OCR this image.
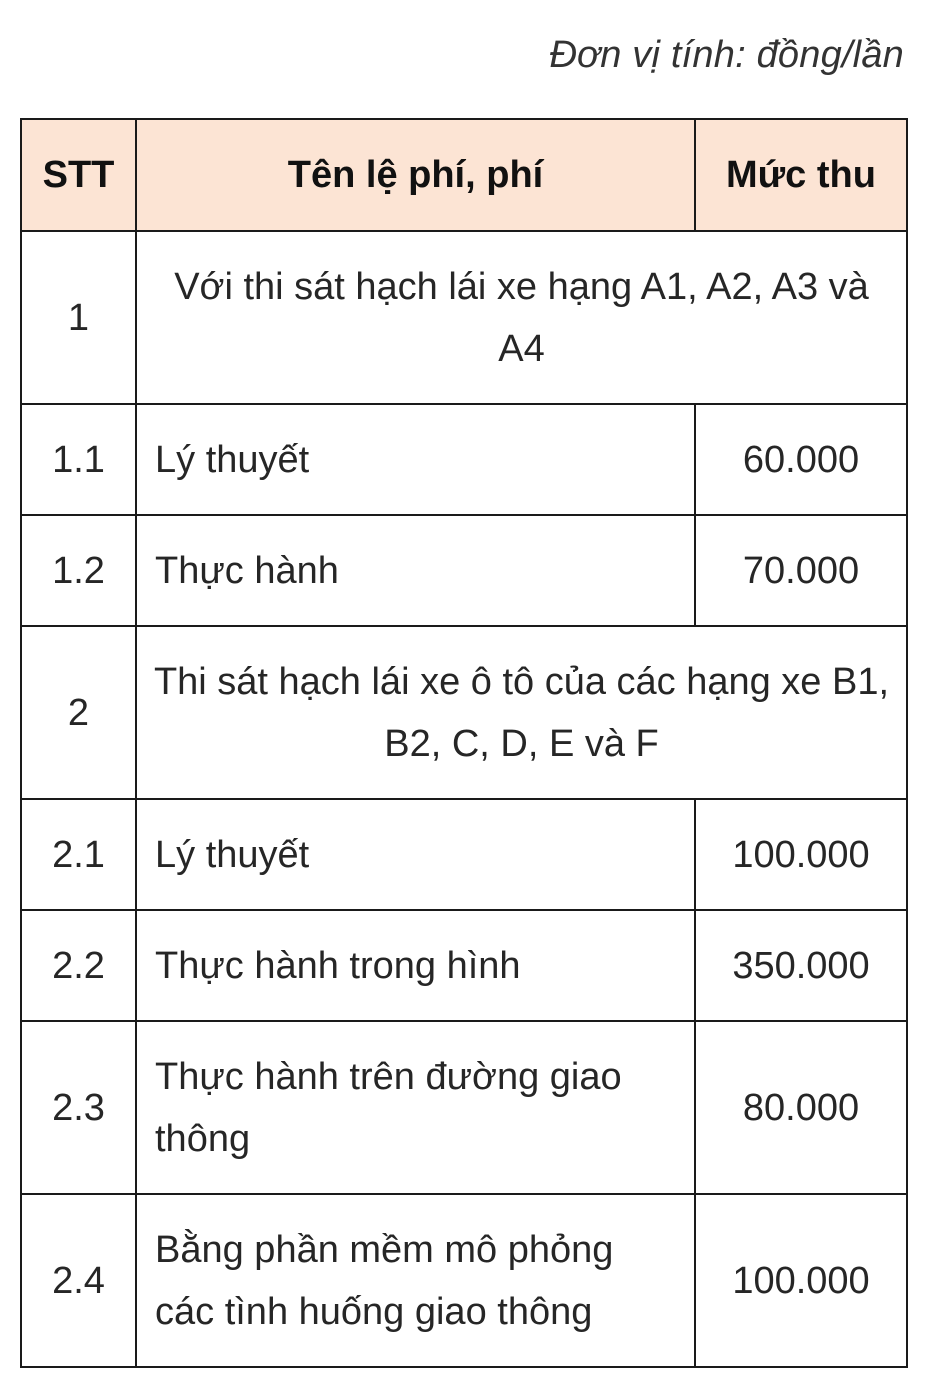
Đơn vị tính: đồng/lần
STT	Tên lệ phí, phí	Mức thu
1	Với thi sát hạch lái xe hạng A1, A2, A3 và A4	
1.1	Lý thuyết	60.000
1.2	Thực hành	70.000
2	Thi sát hạch lái xe ô tô của các hạng xe B1, B2, C, D, E và F	
2.1	Lý thuyết	100.000
2.2	Thực hành trong hình	350.000
2.3	Thực hành trên đường giao thông	80.000
2.4	Bằng phần mềm mô phỏng các tình huống giao thông	100.000
